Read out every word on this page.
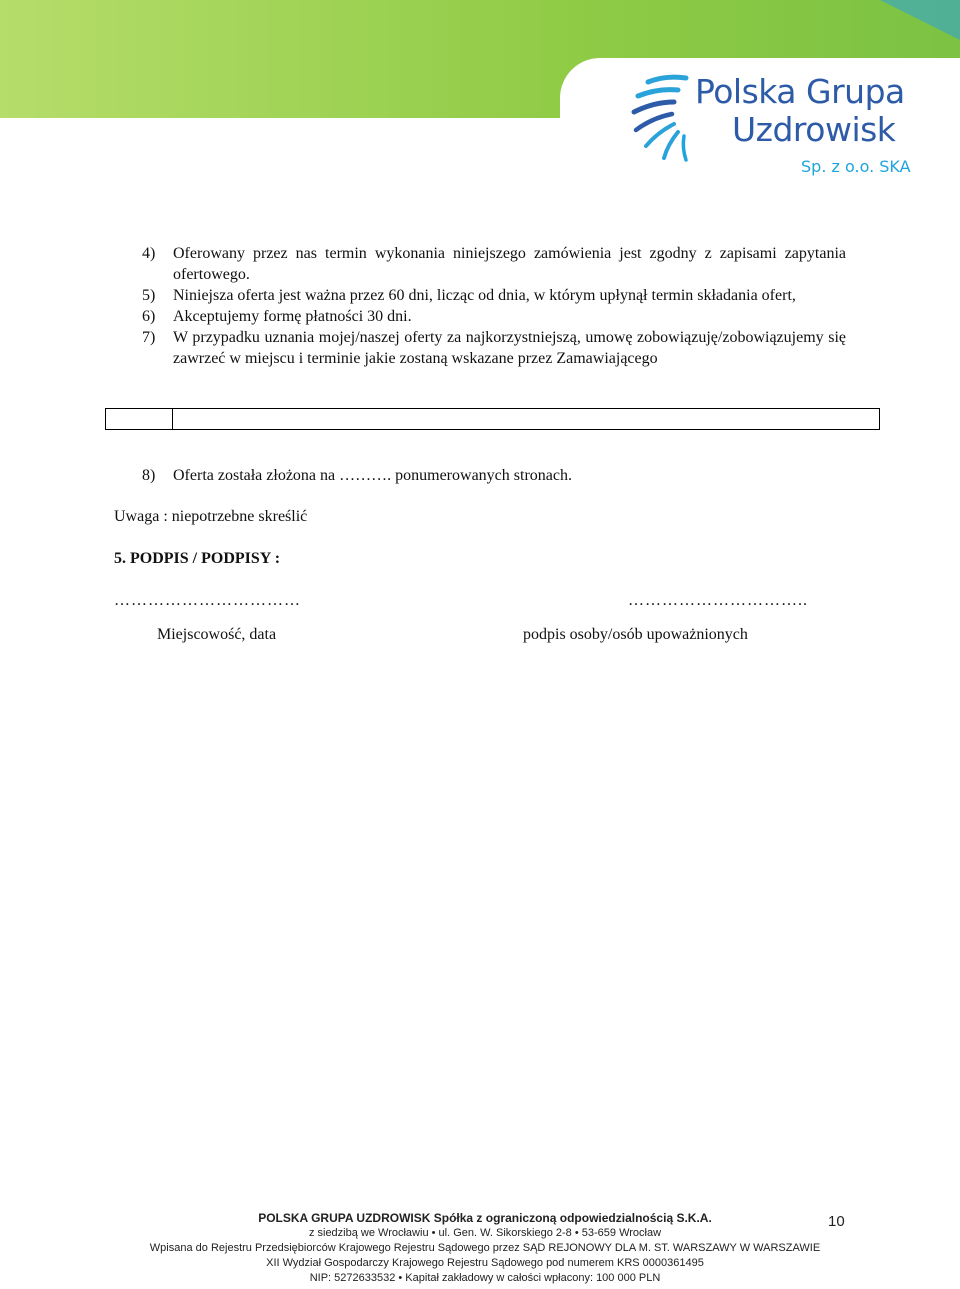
Polska Grupa
Uzdrowisk
Sp. z o.o. SKA
4) Oferowany przez nas termin wykonania niniejszego zamówienia jest zgodny z zapisami zapytania ofertowego.
5) Niniejsza oferta jest ważna przez 60 dni, licząc od dnia, w którym upłynął termin składania ofert,
6) Akceptujemy formę płatności 30 dni.
7) W przypadku uznania mojej/naszej oferty za najkorzystniejszą, umowę zobowiązuję/zobowiązujemy się zawrzeć w miejscu i terminie jakie zostaną wskazane przez Zamawiającego
8) Oferta została złożona na ………. ponumerowanych stronach.
Uwaga : niepotrzebne skreślić
5. PODPIS / PODPISY :
……………………………	…………………………..
Miejscowość, data	podpis osoby/osób upoważnionych
POLSKA GRUPA UZDROWISK Spółka z ograniczoną odpowiedzialnością S.K.A.
z siedzibą we Wrocławiu • ul. Gen. W. Sikorskiego 2-8 • 53-659 Wrocław
Wpisana do Rejestru Przedsiębiorców Krajowego Rejestru Sądowego przez SĄD REJONOWY DLA M. ST. WARSZAWY W WARSZAWIE
XII Wydział Gospodarczy Krajowego Rejestru Sądowego pod numerem KRS 0000361495
NIP: 5272633532 • Kapitał zakładowy w całości wpłacony: 100 000 PLN
10
